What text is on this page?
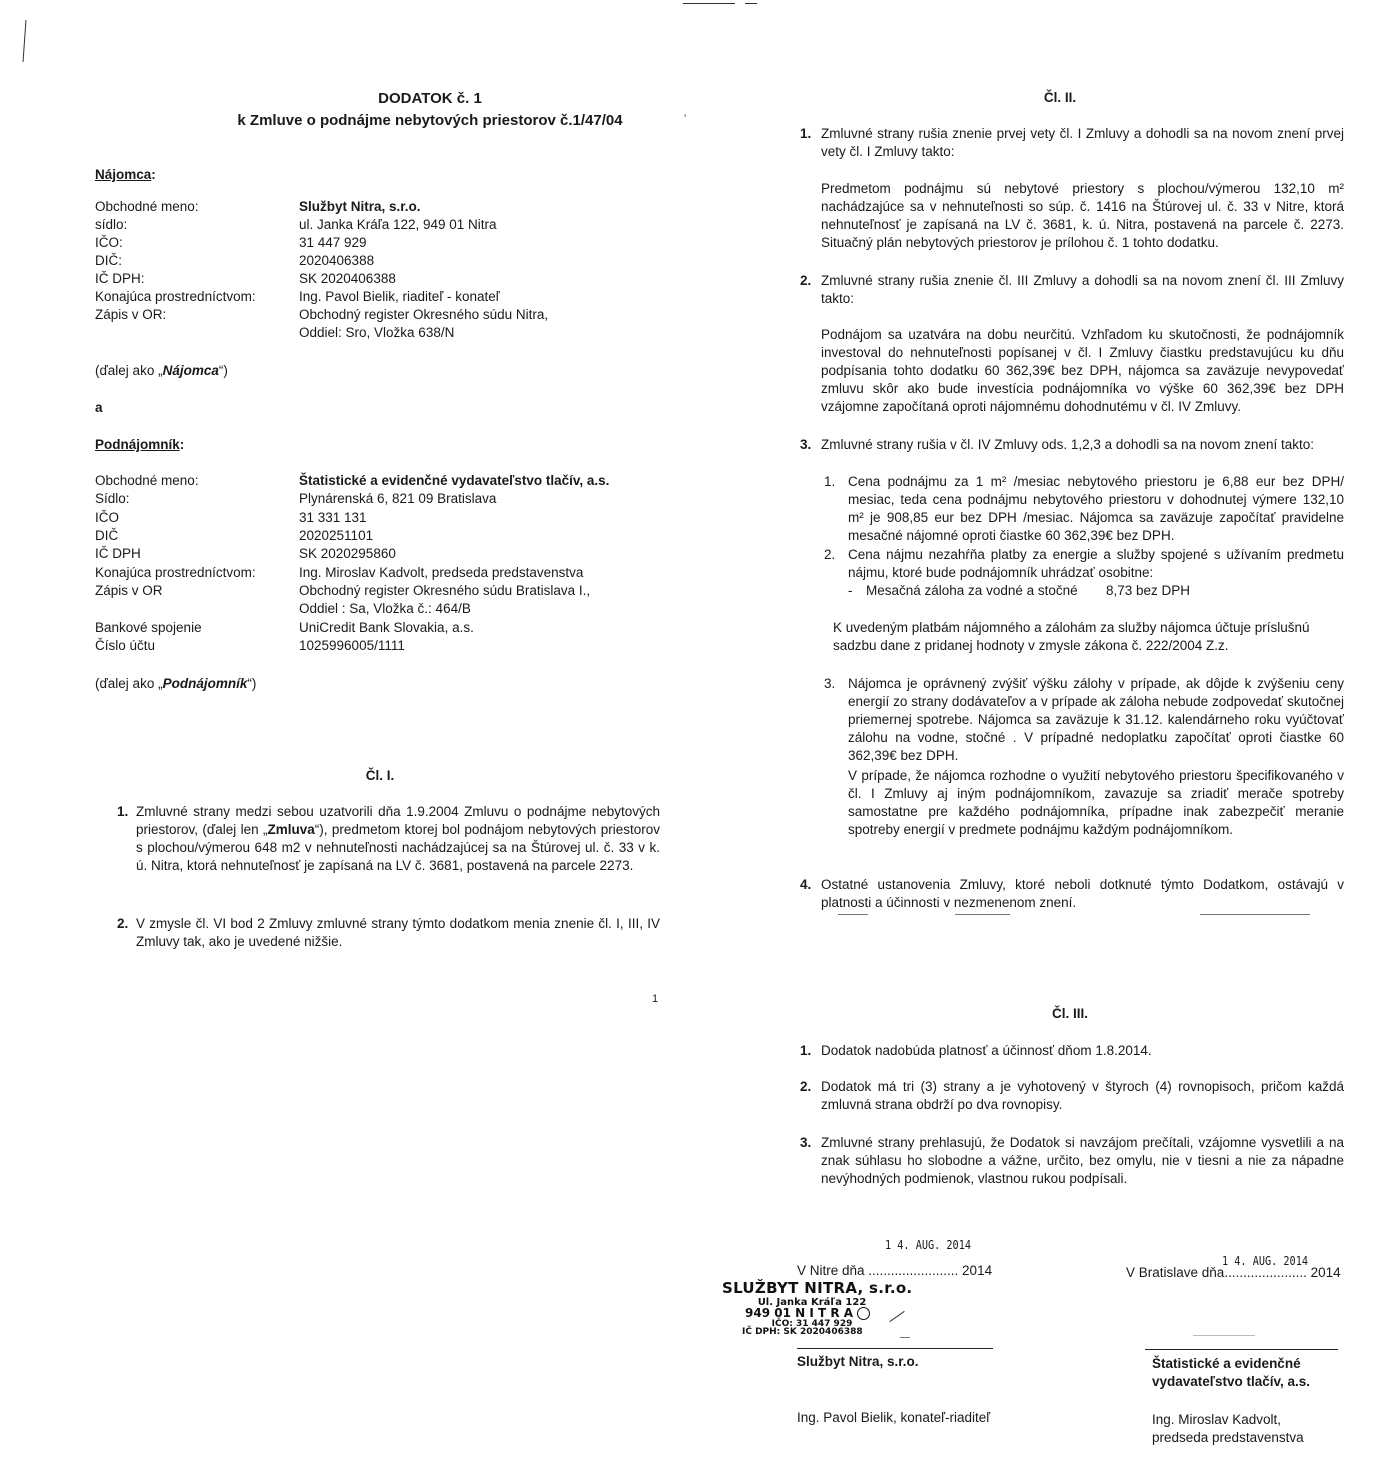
DODATOK č. 1
k Zmluve o podnájme nebytových priestorov č.1/47/04
Nájomca:
Obchodné meno:	Službyt Nitra, s.r.o.
sídlo:	ul. Janka Kráľa 122, 949 01 Nitra
IČO:	31 447 929
DIČ:	2020406388
IČ DPH:	SK 2020406388
Konajúca prostredníctvom:	Ing. Pavol Bielik, riaditeľ - konateľ
Zápis v OR:	Obchodný register Okresného súdu Nitra,
Oddiel: Sro, Vložka 638/N
(ďalej ako „Nájomca“)
a
Podnájomník:
Obchodné meno:	Štatistické a evidenčné vydavateľstvo tlačív, a.s.
Sídlo:	Plynárenská 6, 821 09 Bratislava
IČO	31 331 131
DIČ	2020251101
IČ DPH	SK 2020295860
Konajúca prostredníctvom:	Ing. Miroslav Kadvolt, predseda predstavenstva
Zápis v OR	Obchodný register Okresného súdu Bratislava I.,
Oddiel : Sa, Vložka č.: 464/B
Bankové spojenie	UniCredit Bank Slovakia, a.s.
Číslo účtu	1025996005/1111
(ďalej ako „Podnájomník“)
Čl. I.
1. Zmluvné strany medzi sebou uzatvorili dňa 1.9.2004 Zmluvu o podnájme nebytových priestorov, (ďalej len „Zmluva“), predmetom ktorej bol podnájom nebytových priestorov s plochou/výmerou 648 m2 v nehnuteľnosti nachádzajúcej sa na Štúrovej ul. č. 33 v k. ú. Nitra, ktorá nehnuteľnosť je zapísaná na LV č. 3681, postavená na parcele 2273.
2. V zmysle čl. VI bod 2 Zmluvy zmluvné strany týmto dodatkom menia znenie čl. I, III, IV Zmluvy tak, ako je uvedené nižšie.
1
Čl. II.
ʼ
1. Zmluvné strany rušia znenie prvej vety čl. I Zmluvy a dohodli sa na novom znení prvej vety čl. I Zmluvy takto:
Predmetom podnájmu sú nebytové priestory s plochou/výmerou 132,10 m² nachádzajúce sa v nehnuteľnosti so súp. č. 1416 na Štúrovej ul. č. 33 v Nitre, ktorá nehnuteľnosť je zapísaná na LV č. 3681, k. ú. Nitra, postavená na parcele č. 2273. Situačný plán nebytových priestorov je prílohou č. 1 tohto dodatku.
2. Zmluvné strany rušia znenie čl. III Zmluvy a dohodli sa na novom znení čl. III Zmluvy takto:
Podnájom sa uzatvára na dobu neurčitú. Vzhľadom ku skutočnosti, že podnájomník investoval do nehnuteľnosti popísanej v čl. I Zmluvy čiastku predstavujúcu ku dňu podpísania tohto dodatku 60 362,39€ bez DPH, nájomca sa zaväzuje nevypovedať zmluvu skôr ako bude investícia podnájomníka vo výške 60 362,39€ bez DPH vzájomne započítaná oproti nájomnému dohodnutému v čl. IV Zmluvy.
3. Zmluvné strany rušia v čl. IV Zmluvy ods. 1,2,3 a dohodli sa na novom znení takto:
1. Cena podnájmu za 1 m² /mesiac nebytového priestoru je 6,88 eur bez DPH/ mesiac, teda cena podnájmu nebytového priestoru v dohodnutej výmere 132,10 m² je 908,85 eur bez DPH /mesiac. Nájomca sa zaväzuje započítať pravidelne mesačné nájomné oproti čiastke 60 362,39€ bez DPH.
2. Cena nájmu nezahŕňa platby za energie a služby spojené s užívaním predmetu nájmu, ktoré bude podnájomník uhrádzať osobitne:
- Mesačná záloha za vodné a stočné 8,73 bez DPH
K uvedeným platbám nájomného a zálohám za služby nájomca účtuje príslušnú sadzbu dane z pridanej hodnoty v zmysle zákona č. 222/2004 Z.z.
3. Nájomca je oprávnený zvýšiť výšku zálohy v prípade, ak dôjde k zvýšeniu ceny energií zo strany dodávateľov a v prípade ak záloha nebude zodpovedať skutočnej priemernej spotrebe. Nájomca sa zaväzuje k 31.12. kalendárneho roku vyúčtovať zálohu na vodne, stočné . V prípadné nedoplatku započítať oproti čiastke 60 362,39€ bez DPH.
V prípade, že nájomca rozhodne o využití nebytového priestoru špecifikovaného v čl. I Zmluvy aj iným podnájomníkom, zavazuje sa zriadiť merače spotreby samostatne pre každého podnájomníka, prípadne inak zabezpečiť meranie spotreby energií v predmete podnájmu každým podnájomníkom.
4. Ostatné ustanovenia Zmluvy, ktoré neboli dotknuté týmto Dodatkom, ostávajú v platnosti a účinnosti v nezmenenom znení.
Čl. III.
1. Dodatok nadobúda platnosť a účinnosť dňom 1.8.2014.
2. Dodatok má tri (3) strany a je vyhotovený v štyroch (4) rovnopisoch, pričom každá zmluvná strana obdrží po dva rovnopisy.
3. Zmluvné strany prehlasujú, že Dodatok si navzájom prečítali, vzájomne vysvetlili a na znak súhlasu ho slobodne a vážne, určito, bez omylu, nie v tiesni a nie za nápadne nevýhodných podmienok, vlastnou rukou podpísali.
1 4. AUG. 2014
1 4. AUG. 2014
V Nitre dňa ........................ 2014	V Bratislave dňa...................... 2014
SLUŽBYT NITRA, s.r.o.
Ul. Janka Kráľa 122
949 01 N I T R A
IČO: 31 447 929
IČ DPH: SK 2020406388
Službyt Nitra, s.r.o.	Štatistické a evidenčné
vydavateľstvo tlačív, a.s.
Ing. Pavol Bielik, konateľ-riaditeľ	Ing. Miroslav Kadvolt,
predseda predstavenstva
